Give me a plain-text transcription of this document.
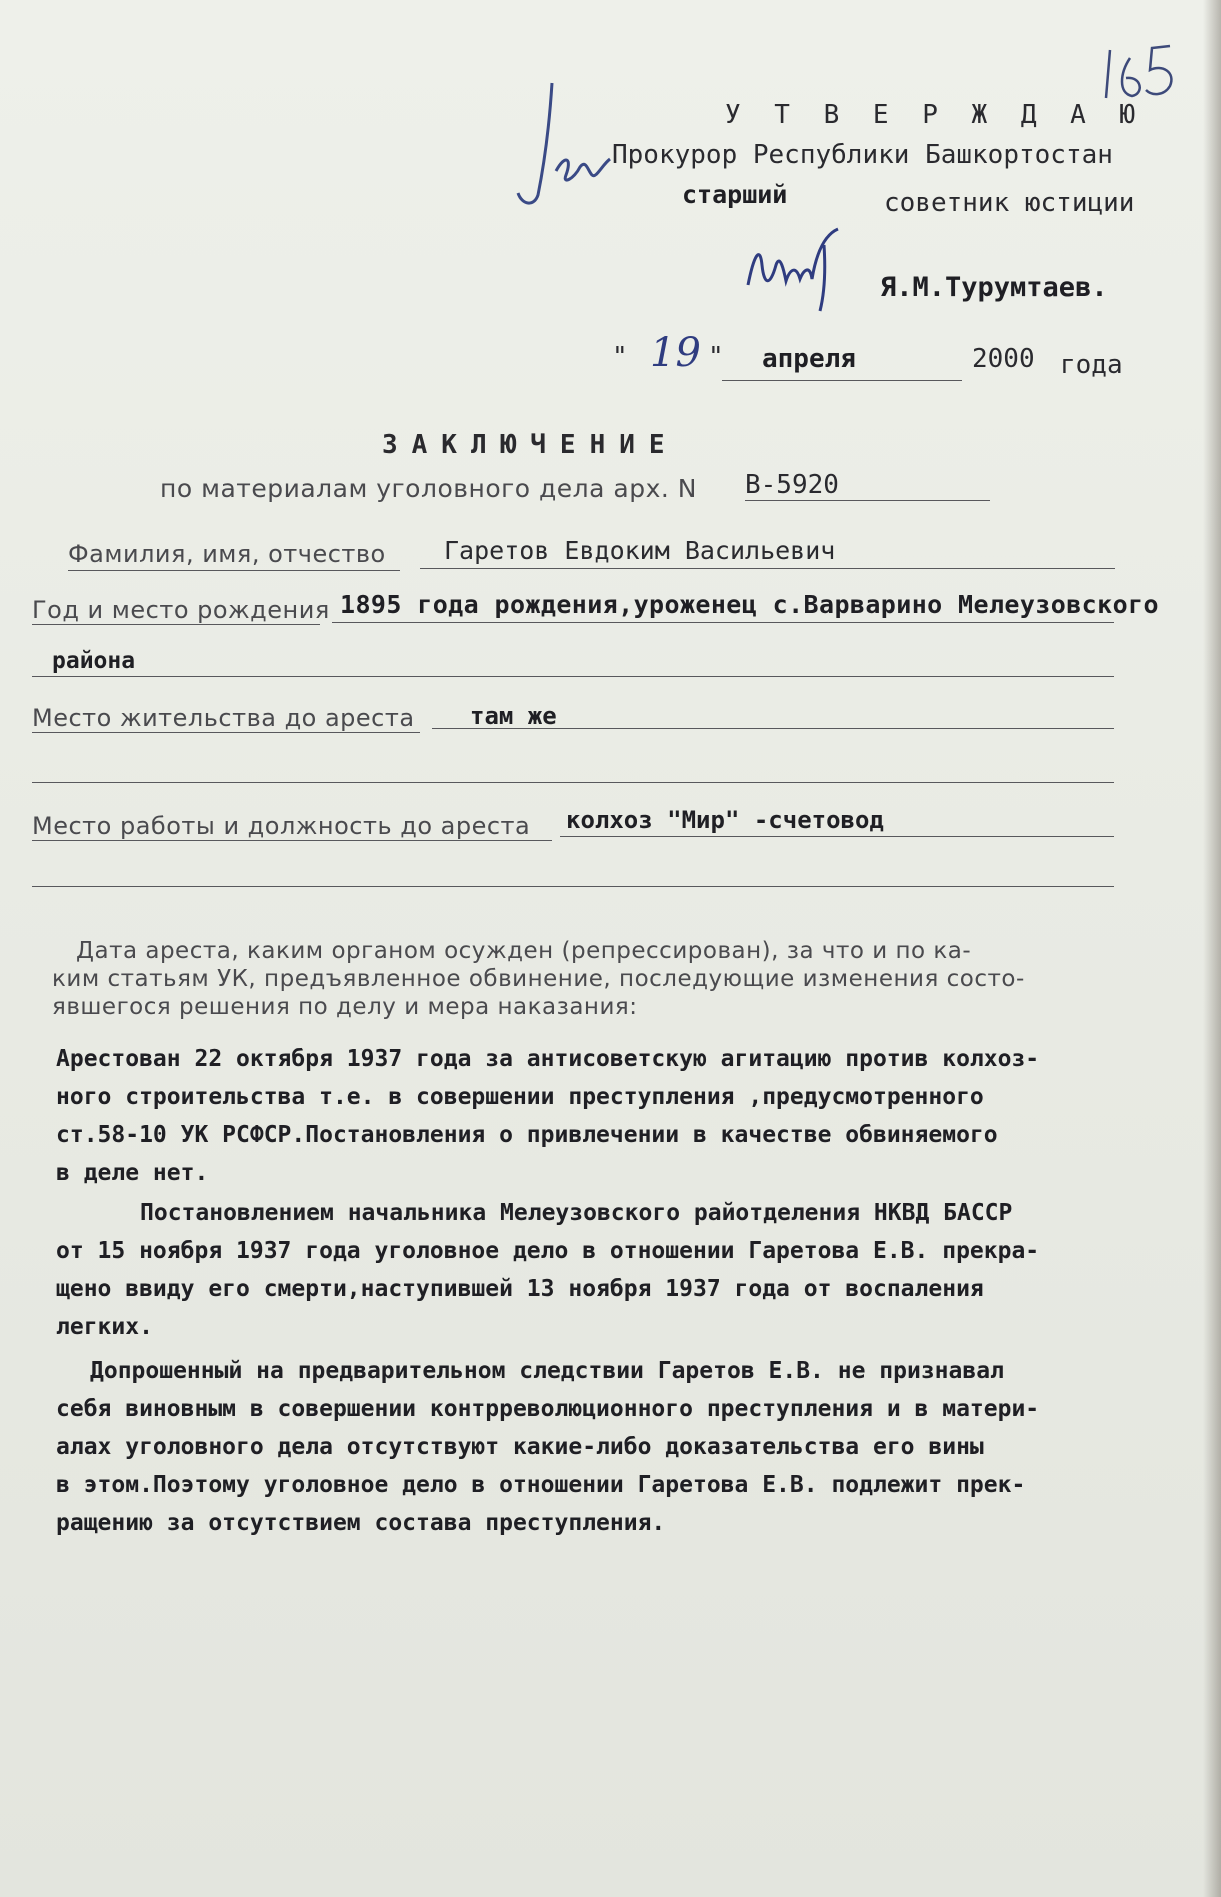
У Т В Е Р Ж Д А Ю
Прокурор Республики Башкортостан
старший	советник юстиции
Я.М.Турумтаев.
" 19 " апреля	2000 года
ЗАКЛЮЧЕНИЕ
по материалам уголовного дела арх. N В-5920
Фамилия, имя, отчество Гаретов Евдоким Васильевич
Год и место рождения 1895 года рождения,уроженец с.Варварино Мелеузовского
района
Место жительства до ареста там же
Место работы и должность до ареста колхоз "Мир" -счетовод
Дата ареста, каким органом осужден (репрессирован), за что и по ка-
ким статьям УК, предъявленное обвинение, последующие изменения состо-
явшегося решения по делу и мера наказания:
Арестован 22 октября 1937 года за антисоветскую агитацию против колхоз-
ного строительства т.е. в совершении преступления ,предусмотренного
ст.58-10 УК РСФСР.Постановления о привлечении в качестве обвиняемого
в деле нет.
Постановлением начальника Мелеузовского райотделения НКВД БАССР
от 15 ноября 1937 года уголовное дело в отношении Гаретова Е.В. прекра-
щено ввиду его смерти,наступившей 13 ноября 1937 года от воспаления
легких.
Допрошенный на предварительном следствии Гаретов Е.В. не признавал
себя виновным в совершении контрреволюционного преступления и в матери-
алах уголовного дела отсутствуют какие-либо доказательства его вины
в этом.Поэтому уголовное дело в отношении Гаретова Е.В. подлежит прек-
ращению за отсутствием состава преступления.
